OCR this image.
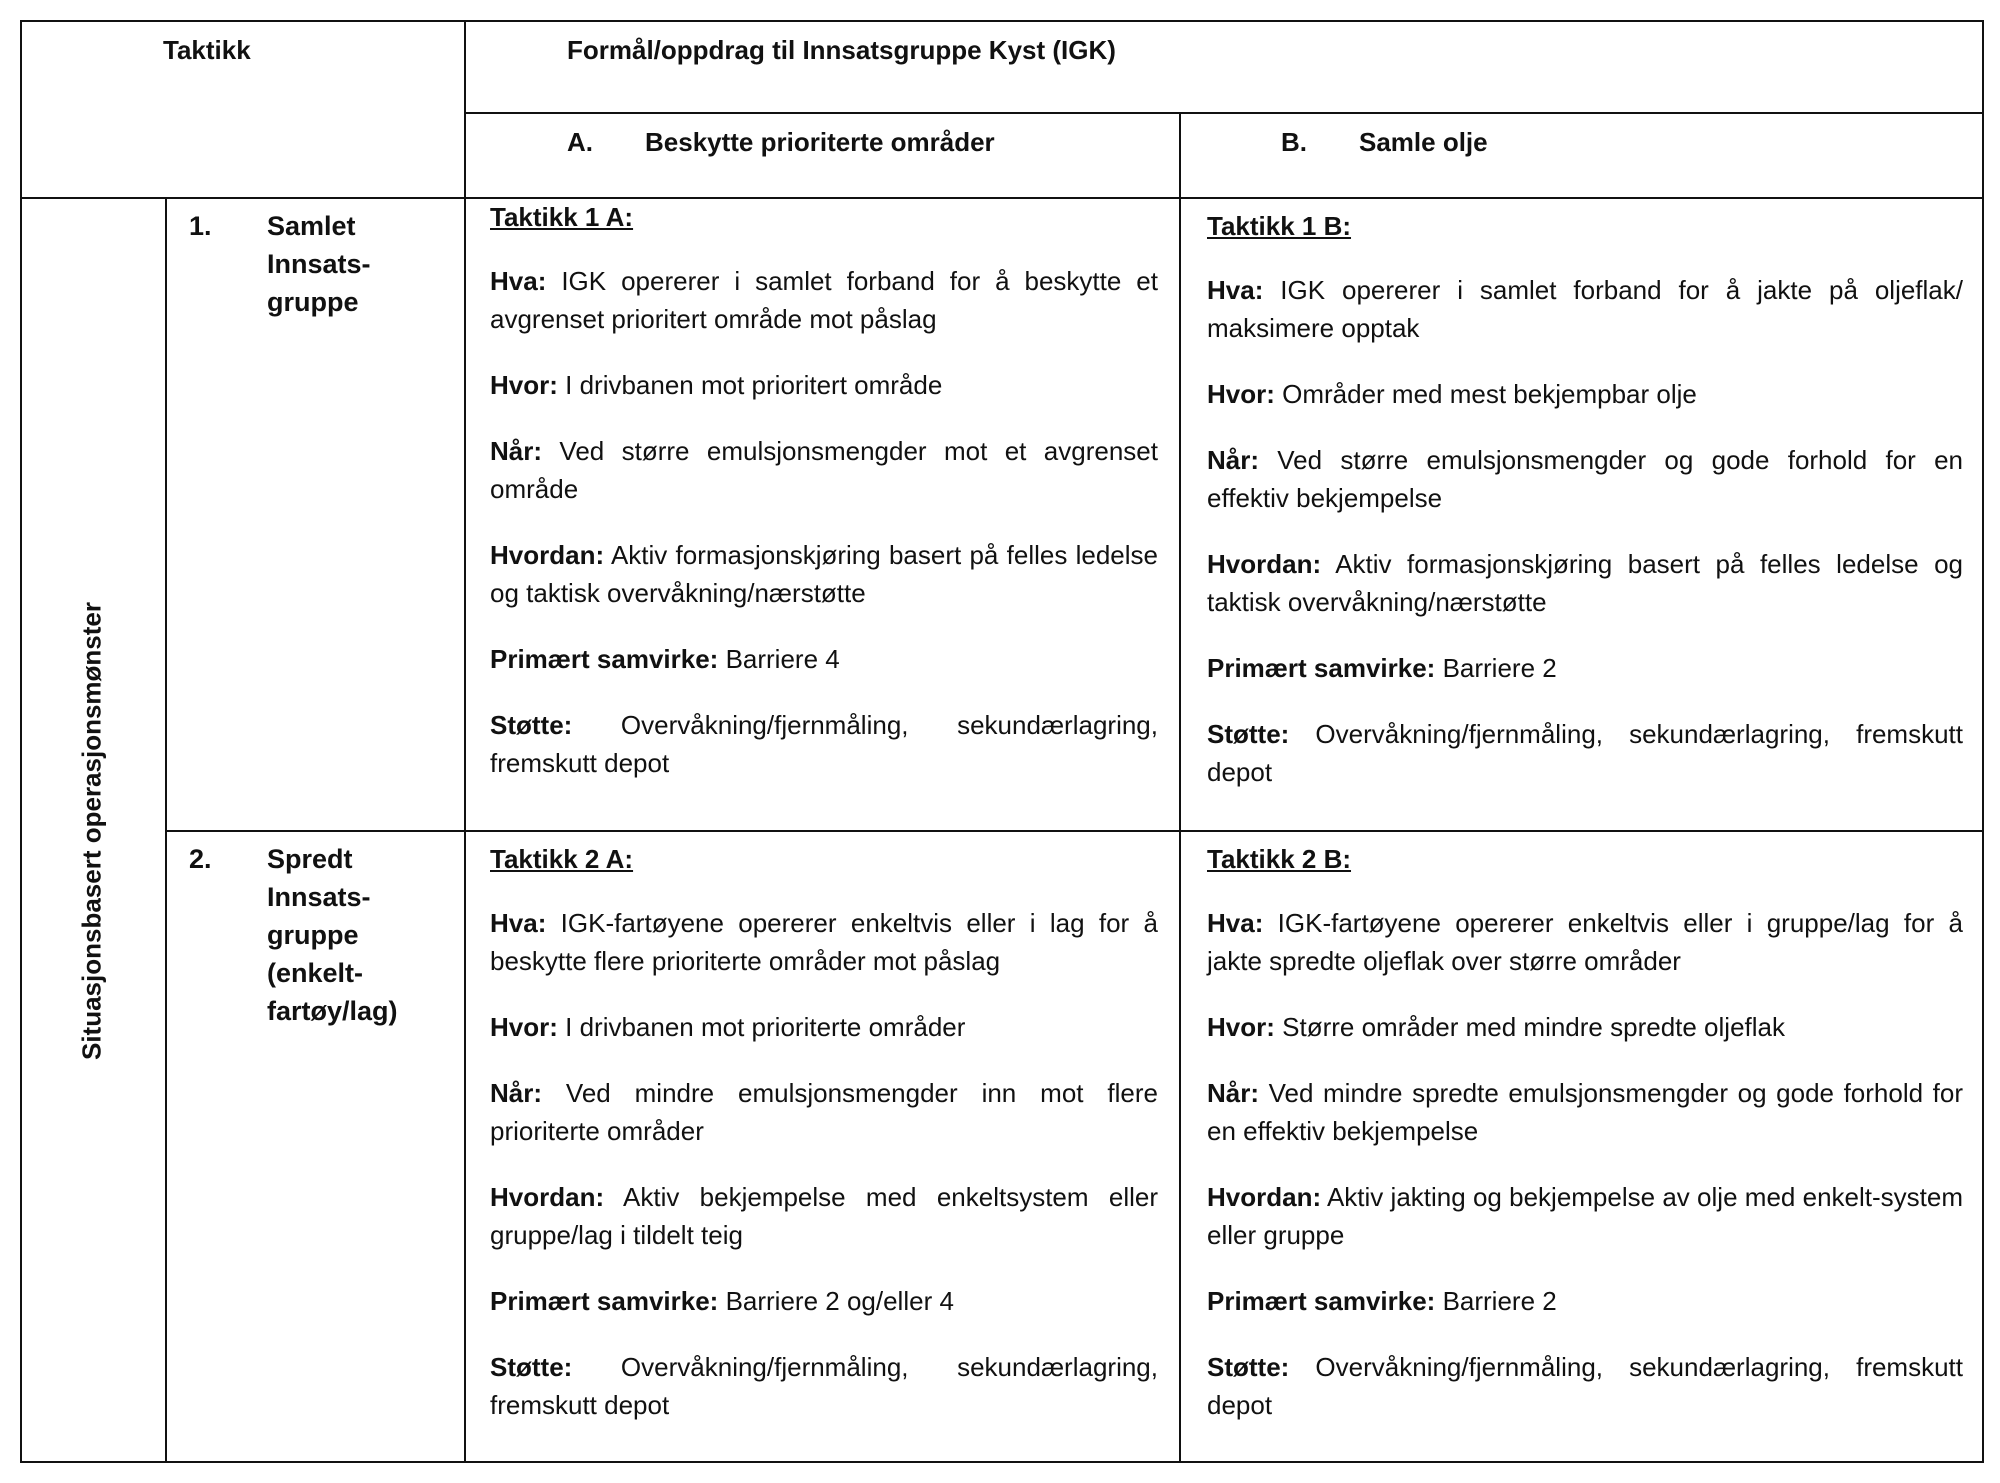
Taktikk	Formål/oppdrag til Innsatsgruppe Kyst (IGK)
A. Beskytte prioriterte områder	B. Samle olje
Situasjonsbasert operasjonsmønster
1. Samlet Innsats-gruppe
2. Spredt Innsats-gruppe (enkelt-fartøy/lag)
Taktikk 1 A:

Hva: IGK opererer i samlet forband for å beskytte et avgrenset prioritert område mot påslag

Hvor: I drivbanen mot prioritert område

Når: Ved større emulsjonsmengder mot et avgrenset område

Hvordan: Aktiv formasjonskjøring basert på felles ledelse og taktisk overvåkning/nærstøtte

Primært samvirke: Barriere 4

Støtte: Overvåkning/fjernmåling, sekundærlagring, fremskutt depot

Taktikk 1 B:

Hva: IGK opererer i samlet forband for å jakte på oljeflak/ maksimere opptak

Hvor: Områder med mest bekjempbar olje

Når: Ved større emulsjonsmengder og gode forhold for en effektiv bekjempelse

Hvordan: Aktiv formasjonskjøring basert på felles ledelse og taktisk overvåkning/nærstøtte

Primært samvirke: Barriere 2

Støtte: Overvåkning/fjernmåling, sekundærlagring, fremskutt depot

Taktikk 2 A:

Hva: IGK-fartøyene opererer enkeltvis eller i lag for å beskytte flere prioriterte områder mot påslag

Hvor: I drivbanen mot prioriterte områder

Når: Ved mindre emulsjonsmengder inn mot flere prioriterte områder

Hvordan: Aktiv bekjempelse med enkeltsystem eller gruppe/lag i tildelt teig

Primært samvirke: Barriere 2 og/eller 4

Støtte: Overvåkning/fjernmåling, sekundærlagring, fremskutt depot

Taktikk 2 B:

Hva: IGK-fartøyene opererer enkeltvis eller i gruppe/lag for å jakte spredte oljeflak over større områder

Hvor: Større områder med mindre spredte oljeflak

Når: Ved mindre spredte emulsjonsmengder og gode forhold for en effektiv bekjempelse

Hvordan: Aktiv jakting og bekjempelse av olje med enkelt-system eller gruppe

Primært samvirke: Barriere 2

Støtte: Overvåkning/fjernmåling, sekundærlagring, fremskutt depot
